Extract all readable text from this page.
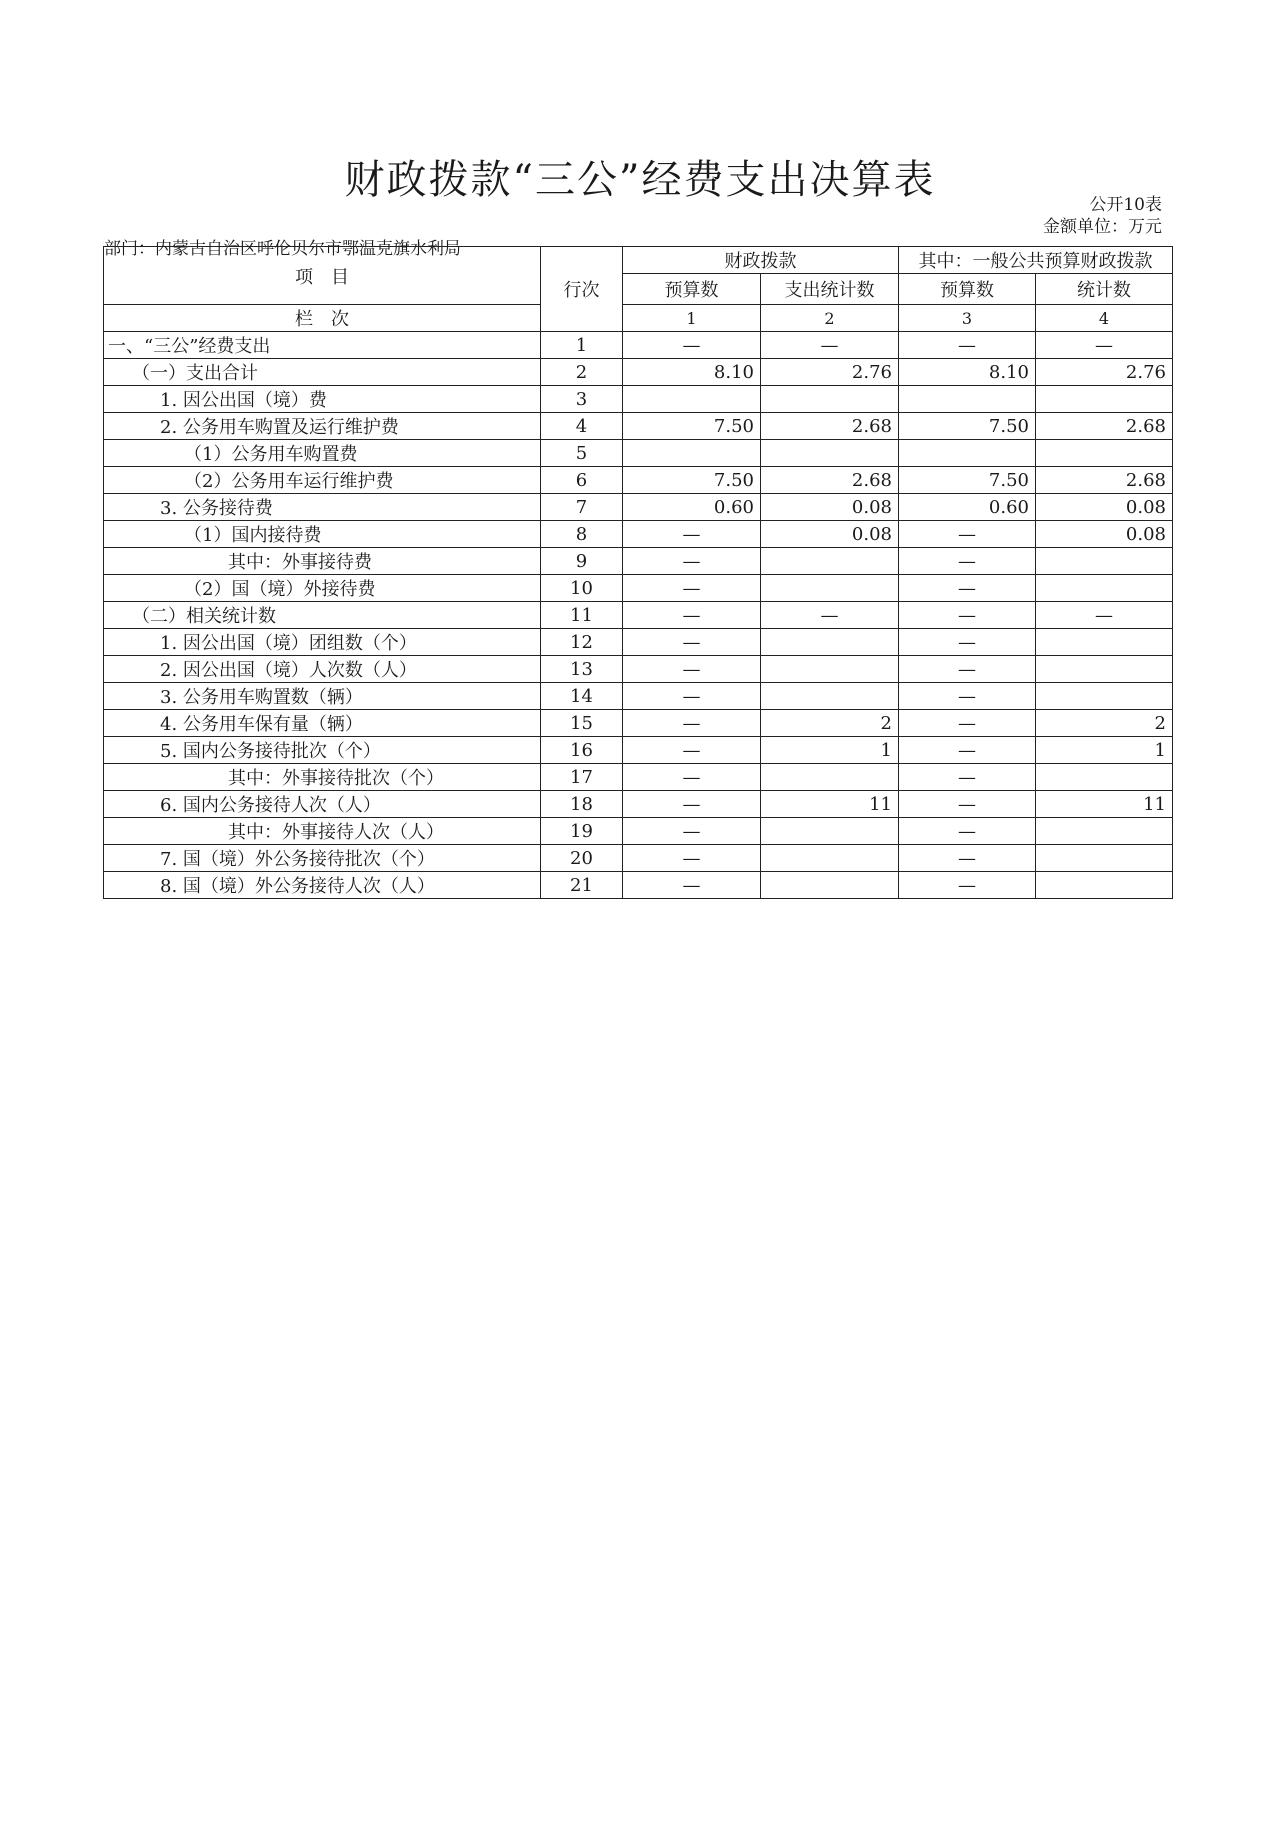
财政拨款“三公”经费支出决算表
公开10表
金额单位：万元
部门：内蒙古自治区呼伦贝尔市鄂温克旗水利局
项　目	行次	财政拨款		其中：一般公共预算财政拨款	
		预算数	支出统计数	预算数	统计数
栏　次		1	2	3	4
一、“三公”经费支出	1	—	—	—	—
（一）支出合计	2	8.10	2.76	8.10	2.76
1. 因公出国（境）费	3				
2. 公务用车购置及运行维护费	4	7.50	2.68	7.50	2.68
（1）公务用车购置费	5				
（2）公务用车运行维护费	6	7.50	2.68	7.50	2.68
3. 公务接待费	7	0.60	0.08	0.60	0.08
（1）国内接待费	8	—	0.08	—	0.08
其中：外事接待费	9	—		—	
（2）国（境）外接待费	10	—		—	
（二）相关统计数	11	—	—	—	—
1. 因公出国（境）团组数（个）	12	—		—	
2. 因公出国（境）人次数（人）	13	—		—	
3. 公务用车购置数（辆）	14	—		—	
4. 公务用车保有量（辆）	15	—	2	—	2
5. 国内公务接待批次（个）	16	—	1	—	1
其中：外事接待批次（个）	17	—		—	
6. 国内公务接待人次（人）	18	—	11	—	11
其中：外事接待人次（人）	19	—		—	
7. 国（境）外公务接待批次（个）	20	—		—	
8. 国（境）外公务接待人次（人）	21	—		—	
